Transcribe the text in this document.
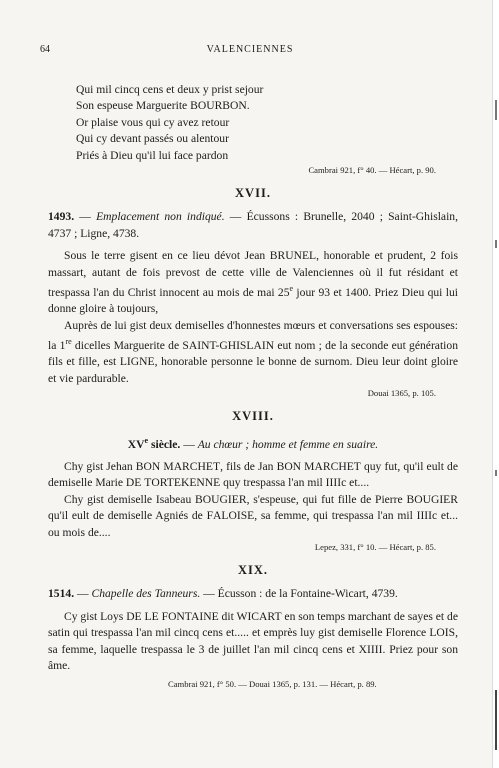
64	VALENCIENNES
Qui mil cincq cens et deux y prist sejour
Son espeuse Marguerite BOURBON.
Or plaise vous qui cy avez retour
Qui cy devant passés ou alentour
Priés à Dieu qu'il lui face pardon
Cambrai 921, f° 40. — Hécart, p. 90.
XVII.
1493. — Emplacement non indiqué. — Écussons : Brunelle, 2040 ; Saint-Ghislain, 4737 ; Ligne, 4738.
Sous le terre gisent en ce lieu dévot Jean BRUNEL, honorable et prudent, 2 fois massart, autant de fois prevost de cette ville de Valenciennes où il fut résidant et trespassa l'an du Christ innocent au mois de mai 25e jour 93 et 1400. Priez Dieu qui lui donne gloire à toujours,
Auprès de lui gist deux demiselles d'honnestes mœurs et conversations ses espouses: la 1re dicelles Marguerite de SAINT-GHISLAIN eut nom ; de la seconde eut génération fils et fille, est LIGNE, honorable personne le bonne de surnom. Dieu leur doint gloire et vie pardurable.
Douai 1365, p. 105.
XVIII.
XVe siècle. — Au chœur ; homme et femme en suaire.
Chy gist Jehan BON MARCHET, fils de Jan BON MARCHET quy fut, qu'il eult de demiselle Marie DE TORTEKENNE quy trespassa l'an mil IIIIc et....
Chy gist demiselle Isabeau BOUGIER, s'espeuse, qui fut fille de Pierre BOUGIER qu'il eult de demiselle Agniés de FALOISE, sa femme, qui trespassa l'an mil IIIIc et... ou mois de....
Lepez, 331, f° 10. — Hécart, p. 85.
XIX.
1514. — Chapelle des Tanneurs. — Écusson : de la Fontaine-Wicart, 4739.
Cy gist Loys DE LE FONTAINE dit WICART en son temps marchant de sayes et de satin qui trespassa l'an mil cincq cens et..... et emprès luy gist demiselle Florence LOIS, sa femme, laquelle trespassa le 3 de juillet l'an mil cincq cens et XIIII. Priez pour son âme.
Cambrai 921, f° 50. — Douai 1365, p. 131. — Hécart, p. 89.
